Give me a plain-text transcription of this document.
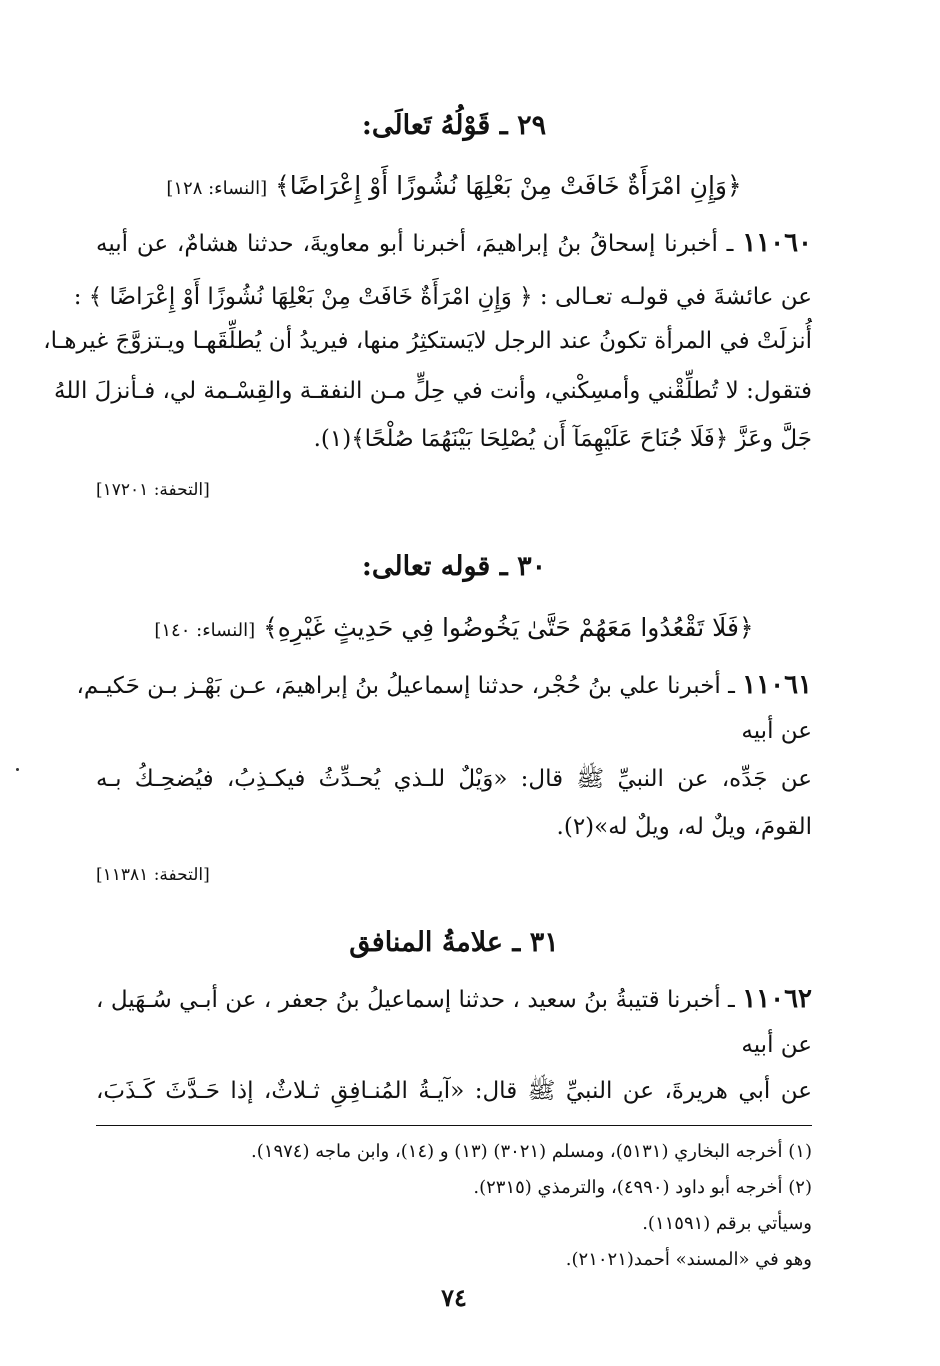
٢٩ ـ قَوْلُهُ تَعالَى:
﴿وَإِنِ امْرَأَةٌ خَافَتْ مِنْ بَعْلِهَا نُشُوزًا أَوْ إِعْرَاضًا﴾ [النساء: ١٢٨]
١١٠٦٠ ـ أخبرنا إسحاقُ بنُ إبراهيمَ، أخبرنا أبو معاويةَ، حدثنا هشامٌ، عن أبيه
عن عائشةَ في قولـه تعـالى : ﴿ وَإِنِ امْرَأَةٌ خَافَتْ مِنْ بَعْلِهَا نُشُوزًا أَوْ إِعْرَاضًا ﴾ :
أُنزلَتْ في المرأة تكونُ عند الرجل لايَستكثِرُ منها، فيريدُ أن يُطلِّقَهـا ويـتزوَّجَ غيرهـا،
فتقول: لا تُطلِّقْني وأمسِكْني، وأنت في حِلٍّ مـن النفقـة والقِسْـمة لي، فـأنزلَ اللهُ
جَلَّ وعَزَّ ﴿فَلَا جُنَاحَ عَلَيْهِمَآ أَن يُصْلِحَا بَيْنَهُمَا صُلْحًا﴾(١).
[التحفة: ١٧٢٠١]
٣٠ ـ قوله تعالى:
﴿فَلَا تَقْعُدُوا مَعَهُمْ حَتَّىٰ يَخُوضُوا فِي حَدِيثٍ غَيْرِهِ﴾ [النساء: ١٤٠]
١١٠٦١ ـ أخبرنا علي بنُ حُجْر، حدثنا إسماعيلُ بنُ إبراهيمَ، عـن بَهْـز بـن حَكيـم،
عن أبيه
عن جَدِّه، عن النبيِّ ﷺ قال: «وَيْلٌ للـذي يُحـدِّثُ فيكـذِبُ، فيُضحِـكُ بـه
القومَ، ويلٌ له، ويلٌ له»(٢).
[التحفة: ١١٣٨١]
٣١ ـ علامةُ المنافق
١١٠٦٢ ـ أخبرنا قتيبةُ بنُ سعيد ، حدثنا إسماعيلُ بنُ جعفر ، عن أبـي سُـهَيل ،
عن أبيه
عن أبي هريرةَ، عن النبيِّ ﷺ قال: «آيـةُ المُنـافِقِ ثـلاثٌ، إذا حَـدَّثَ كَـذَبَ،
(١) أخرجه البخاري (٥١٣١)، ومسلم (٣٠٢١) (١٣) و (١٤)، وابن ماجه (١٩٧٤).
(٢) أخرجه أبو داود (٤٩٩٠)، والترمذي (٢٣١٥).
وسيأتي برقم (١١٥٩١).
وهو في «المسند» أحمد(٢١٠٢١).
٧٤
